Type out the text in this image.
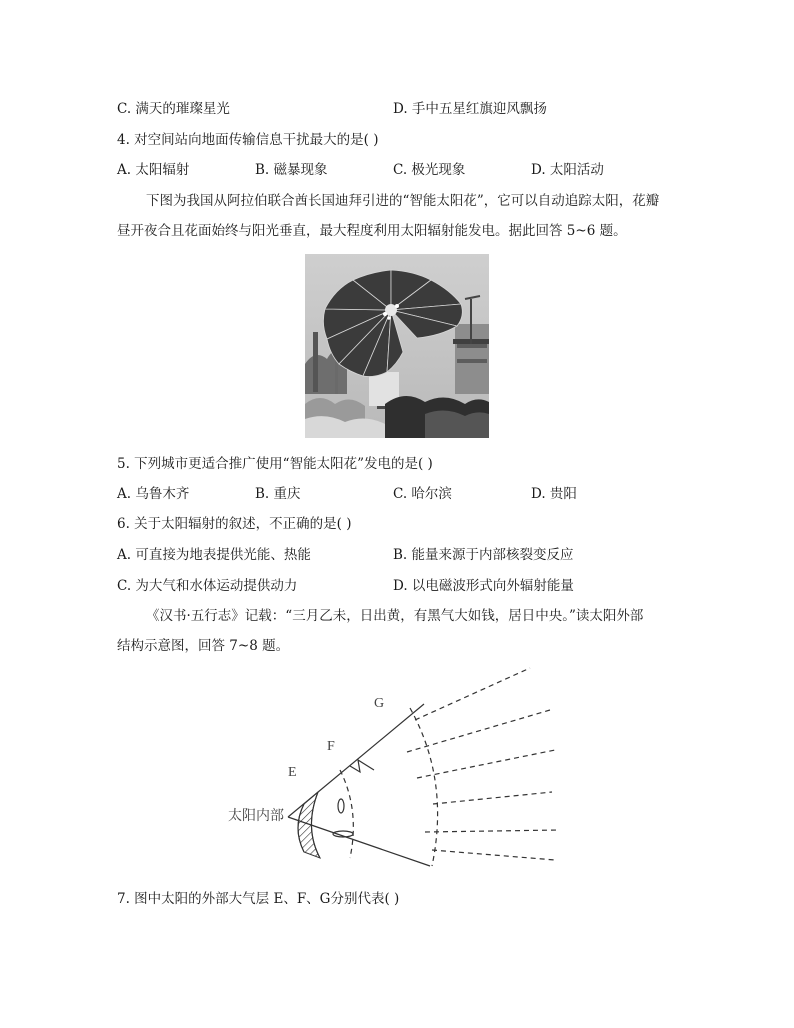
C. 满天的璀璨星光	D. 手中五星红旗迎风飘扬
4. 对空间站向地面传输信息干扰最大的是( )
A. 太阳辐射	B. 磁暴现象	C. 极光现象	D. 太阳活动
下图为我国从阿拉伯联合酋长国迪拜引进的“智能太阳花”，它可以自动追踪太阳，花瓣
昼开夜合且花面始终与阳光垂直，最大程度利用太阳辐射能发电。据此回答 5~6 题。
5. 下列城市更适合推广使用“智能太阳花”发电的是( )
A. 乌鲁木齐	B. 重庆	C. 哈尔滨	D. 贵阳
6. 关于太阳辐射的叙述，不正确的是( )
A. 可直接为地表提供光能、热能	B. 能量来源于内部核裂变反应
C. 为大气和水体运动提供动力	D. 以电磁波形式向外辐射能量
《汉书·五行志》记载：“三月乙未，日出黄，有黑气大如钱，居日中央。”读太阳外部
结构示意图，回答 7~8 题。
太阳内部
E
F
G
7. 图中太阳的外部大气层 E、F、G分别代表( )
